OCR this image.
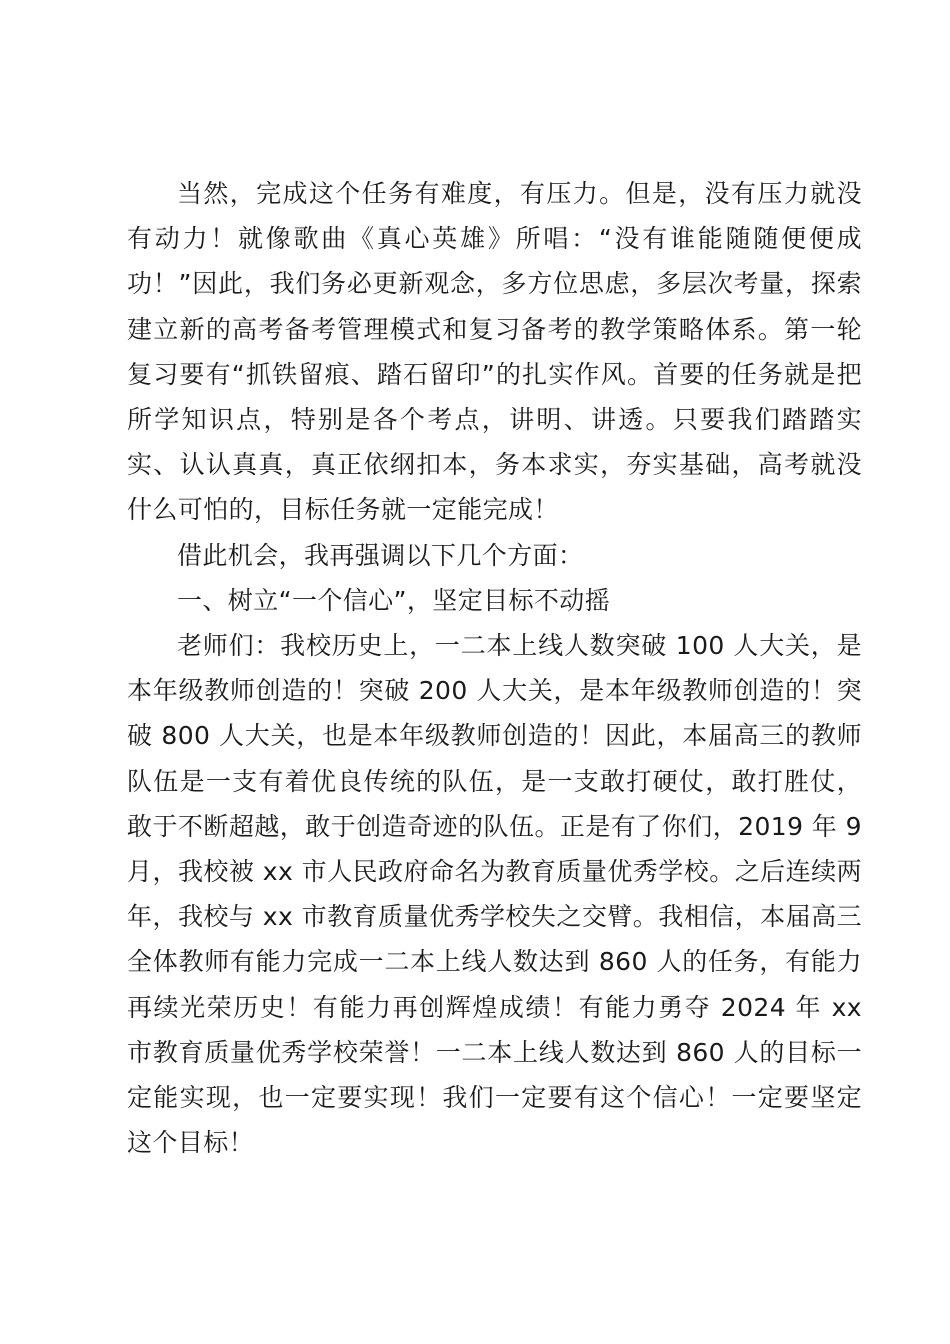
当然，完成这个任务有难度，有压力。但是，没有压力就没有动力！就像歌曲《真心英雄》所唱：“没有谁能随随便便成功！”因此，我们务必更新观念，多方位思虑，多层次考量，探索建立新的高考备考管理模式和复习备考的教学策略体系。第一轮复习要有“抓铁留痕、踏石留印”的扎实作风。首要的任务就是把所学知识点，特别是各个考点，讲明、讲透。只要我们踏踏实实、认认真真，真正依纲扣本，务本求实，夯实基础，高考就没什么可怕的，目标任务就一定能完成！

借此机会，我再强调以下几个方面：

一、树立“一个信心”，坚定目标不动摇

老师们：我校历史上，一二本上线人数突破 100 人大关，是本年级教师创造的！突破 200 人大关，是本年级教师创造的！突破 800 人大关，也是本年级教师创造的！因此，本届高三的教师队伍是一支有着优良传统的队伍，是一支敢打硬仗，敢打胜仗，敢于不断超越，敢于创造奇迹的队伍。正是有了你们，2019 年 9 月，我校被 xx 市人民政府命名为教育质量优秀学校。之后连续两年，我校与 xx 市教育质量优秀学校失之交臂。我相信，本届高三全体教师有能力完成一二本上线人数达到 860 人的任务，有能力再续光荣历史！有能力再创辉煌成绩！有能力勇夺 2024 年 xx 市教育质量优秀学校荣誉！一二本上线人数达到 860 人的目标一定能实现，也一定要实现！我们一定要有这个信心！一定要坚定这个目标！
